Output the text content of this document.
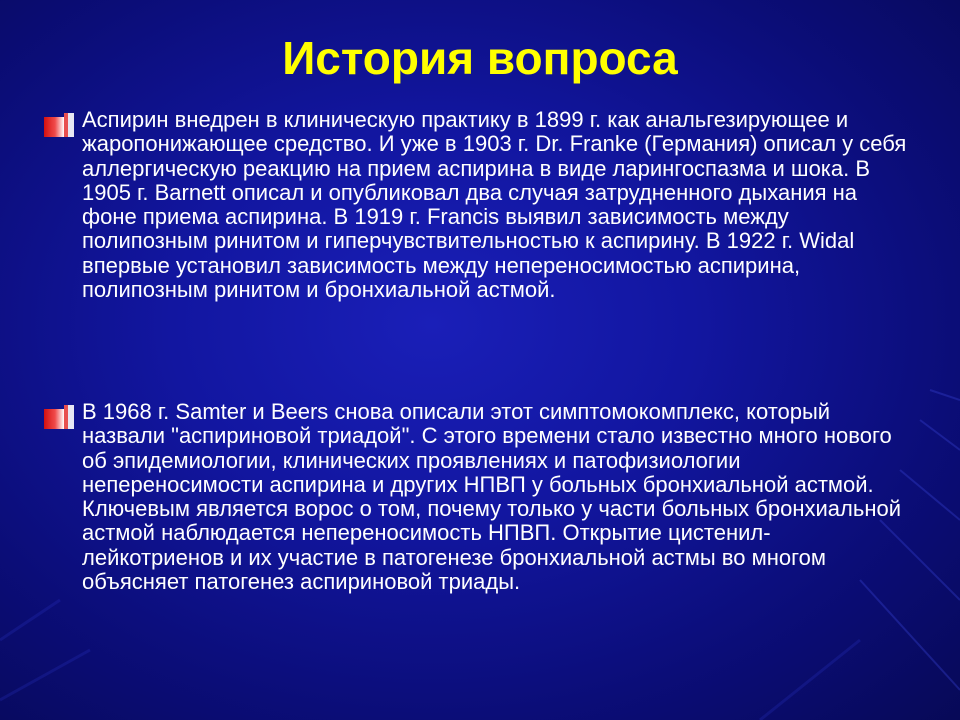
История вопроса

Аспирин внедрен в клиническую практику в 1899 г. как анальгезирующее и жаропонижающее средство. И уже в 1903 г. Dr. Franke (Германия) описал у себя аллергическую реакцию на прием аспирина в виде ларингоспазма и шока. В 1905 г. Barnett описал и опубликовал два случая затрудненного дыхания на фоне приема аспирина. В 1919 г. Francis выявил зависимость между полипозным ринитом и гиперчувствительностью к аспирину. В 1922 г. Widal впервые установил зависимость между непереносимостью аспирина, полипозным ринитом и бронхиальной астмой.

В 1968 г. Samter и Beers снова описали этот симптомокомплекс, который назвали "аспириновой триадой". С этого времени стало известно много нового об эпидемиологии, клинических проявлениях и патофизиологии непереносимости аспирина и других НПВП у больных бронхиальной астмой. Ключевым является ворос о том, почему только у части больных бронхиальной астмой наблюдается непереносимость НПВП. Открытие цистенил-лейкотриенов и их участие в патогенезе бронхиальной астмы во многом объясняет патогенез аспириновой триады.
